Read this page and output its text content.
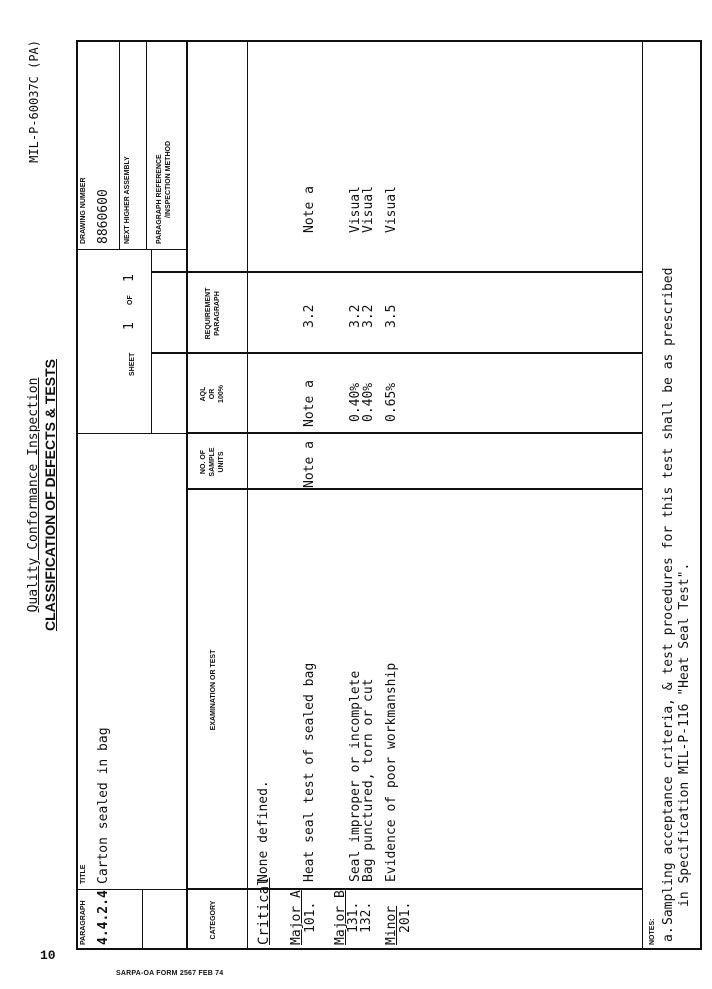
10
SARPA-OA FORM 2567 FEB 74
Quality Conformance Inspection CLASSIFICATION OF DEFECTS & TESTS
MIL-P-60037C (PA)
PARAGRAPH 4.4.2.4
TITLE Carton sealed in bag
SHEET
1
OF
1
DRAWING NUMBER 8860600 NEXT HIGHER ASSEMBLY	PARAGRAPH REFERENCE /INSPECTION METHOD
CATEGORY
EXAMINATION OR TEST
NO. OF SAMPLE UNITS
AQL OR 100%
REQUIREMENT PARAGRAPH
Critical
None defined.
Major A 101.
Heat seal test of sealed bag
Note a
Note a
3.2
Note a
Major B
131.
132.
Seal improper or incomplete
Bag punctured, torn or cut
0.40%
0.40%
3.2
3.2
Visual
Visual
Minor 201.
Evidence of poor workmanship
0.65%
3.5
Visual
NOTES: a.
Sampling acceptance criteria, & test procedures for this test shall be as prescribed in Specification MIL-P-116 "Heat Seal Test".
